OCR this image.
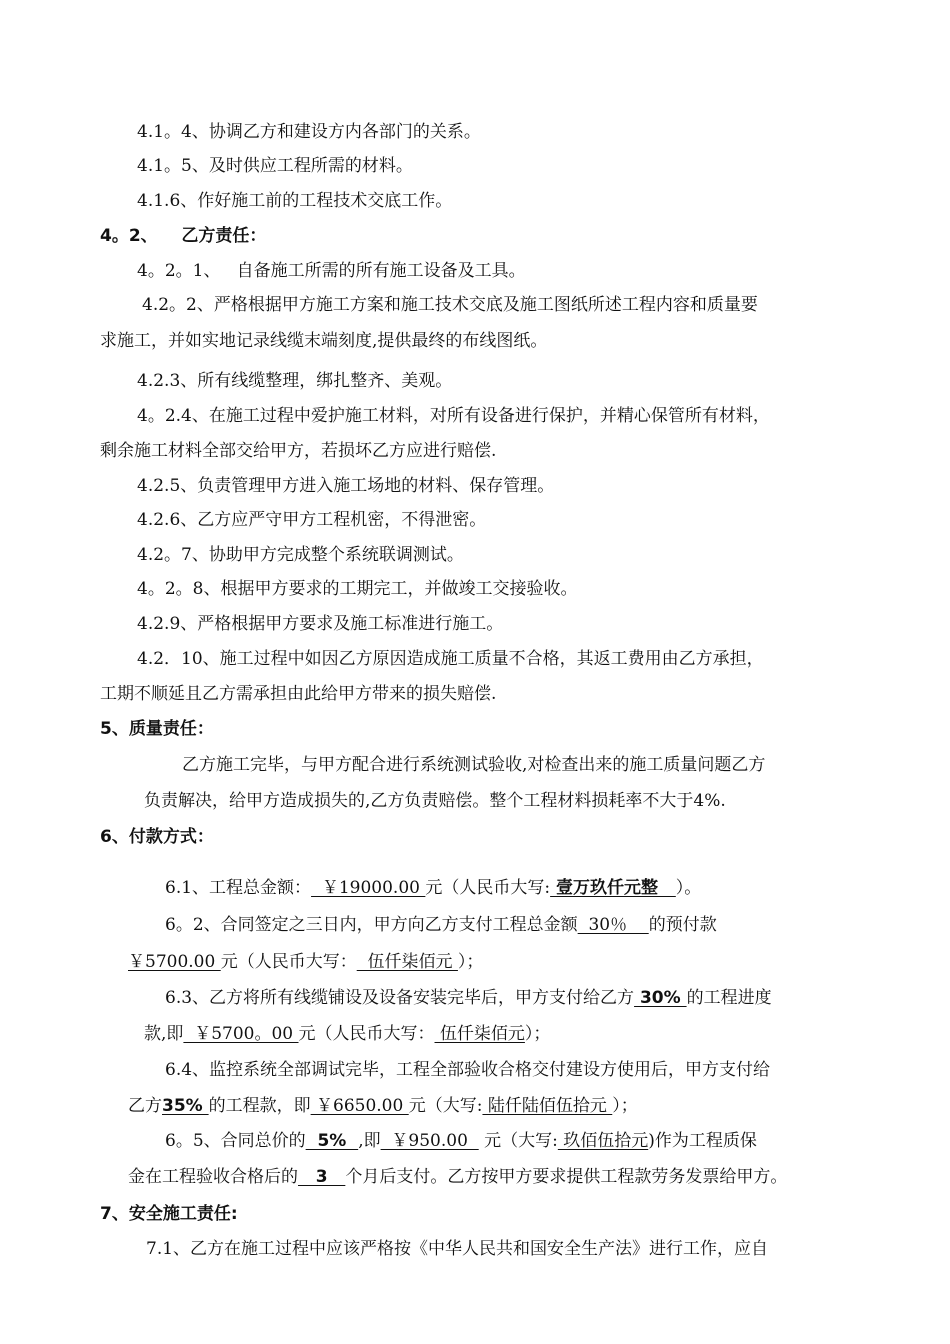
4.1。4、协调乙方和建设方内各部门的关系。
4.1。5、及时供应工程所需的材料。
4.1.6、作好施工前的工程技术交底工作。
4。2、    乙方责任：
4。2。1、   自备施工所需的所有施工设备及工具。
4.2。2、严格根据甲方施工方案和施工技术交底及施工图纸所述工程内容和质量要
求施工，并如实地记录线缆末端刻度,提供最终的布线图纸。
4.2.3、所有线缆整理，绑扎整齐、美观。
4。2.4、在施工过程中爱护施工材料，对所有设备进行保护，并精心保管所有材料，
剩余施工材料全部交给甲方，若损坏乙方应进行赔偿.
4.2.5、负责管理甲方进入施工场地的材料、保存管理。
4.2.6、乙方应严守甲方工程机密，不得泄密。
4.2。7、协助甲方完成整个系统联调测试。
4。2。8、根据甲方要求的工期完工，并做竣工交接验收。
4.2.9、严格根据甲方要求及施工标准进行施工。
4.2．10、施工过程中如因乙方原因造成施工质量不合格，其返工费用由乙方承担，
工期不顺延且乙方需承担由此给甲方带来的损失赔偿.
5、质量责任：
乙方施工完毕，与甲方配合进行系统测试验收,对检查出来的施工质量问题乙方
负责解决，给甲方造成损失的,乙方负责赔偿。整个工程材料损耗率不大于4%.
6、付款方式：
6.1、工程总金额：  ￥19000.00 元（人民币大写: 壹万玖仟元整   ）。
6。2、合同签定之三日内，甲方向乙方支付工程总金额  30％    的预付款
￥5700.00 元（人民币大写：  伍仟柒佰元 ）；
6.3、乙方将所有线缆铺设及设备安装完毕后，甲方支付给乙方 30% 的工程进度
款,即  ￥5700。00 元（人民币大写： 伍仟柒佰元）；
6.4、监控系统全部调试完毕，工程全部验收合格交付建设方使用后，甲方支付给
乙方35% 的工程款，即 ￥6650.00 元（大写: 陆仟陆佰伍拾元 ）；
6。5、合同总价的  5%  ,即  ￥950.00   元（大写: 玖佰伍拾元)作为工程质保
金在工程验收合格后的   3   个月后支付。乙方按甲方要求提供工程款劳务发票给甲方。
7、安全施工责任:
7.1、乙方在施工过程中应该严格按《中华人民共和国安全生产法》进行工作，应自
